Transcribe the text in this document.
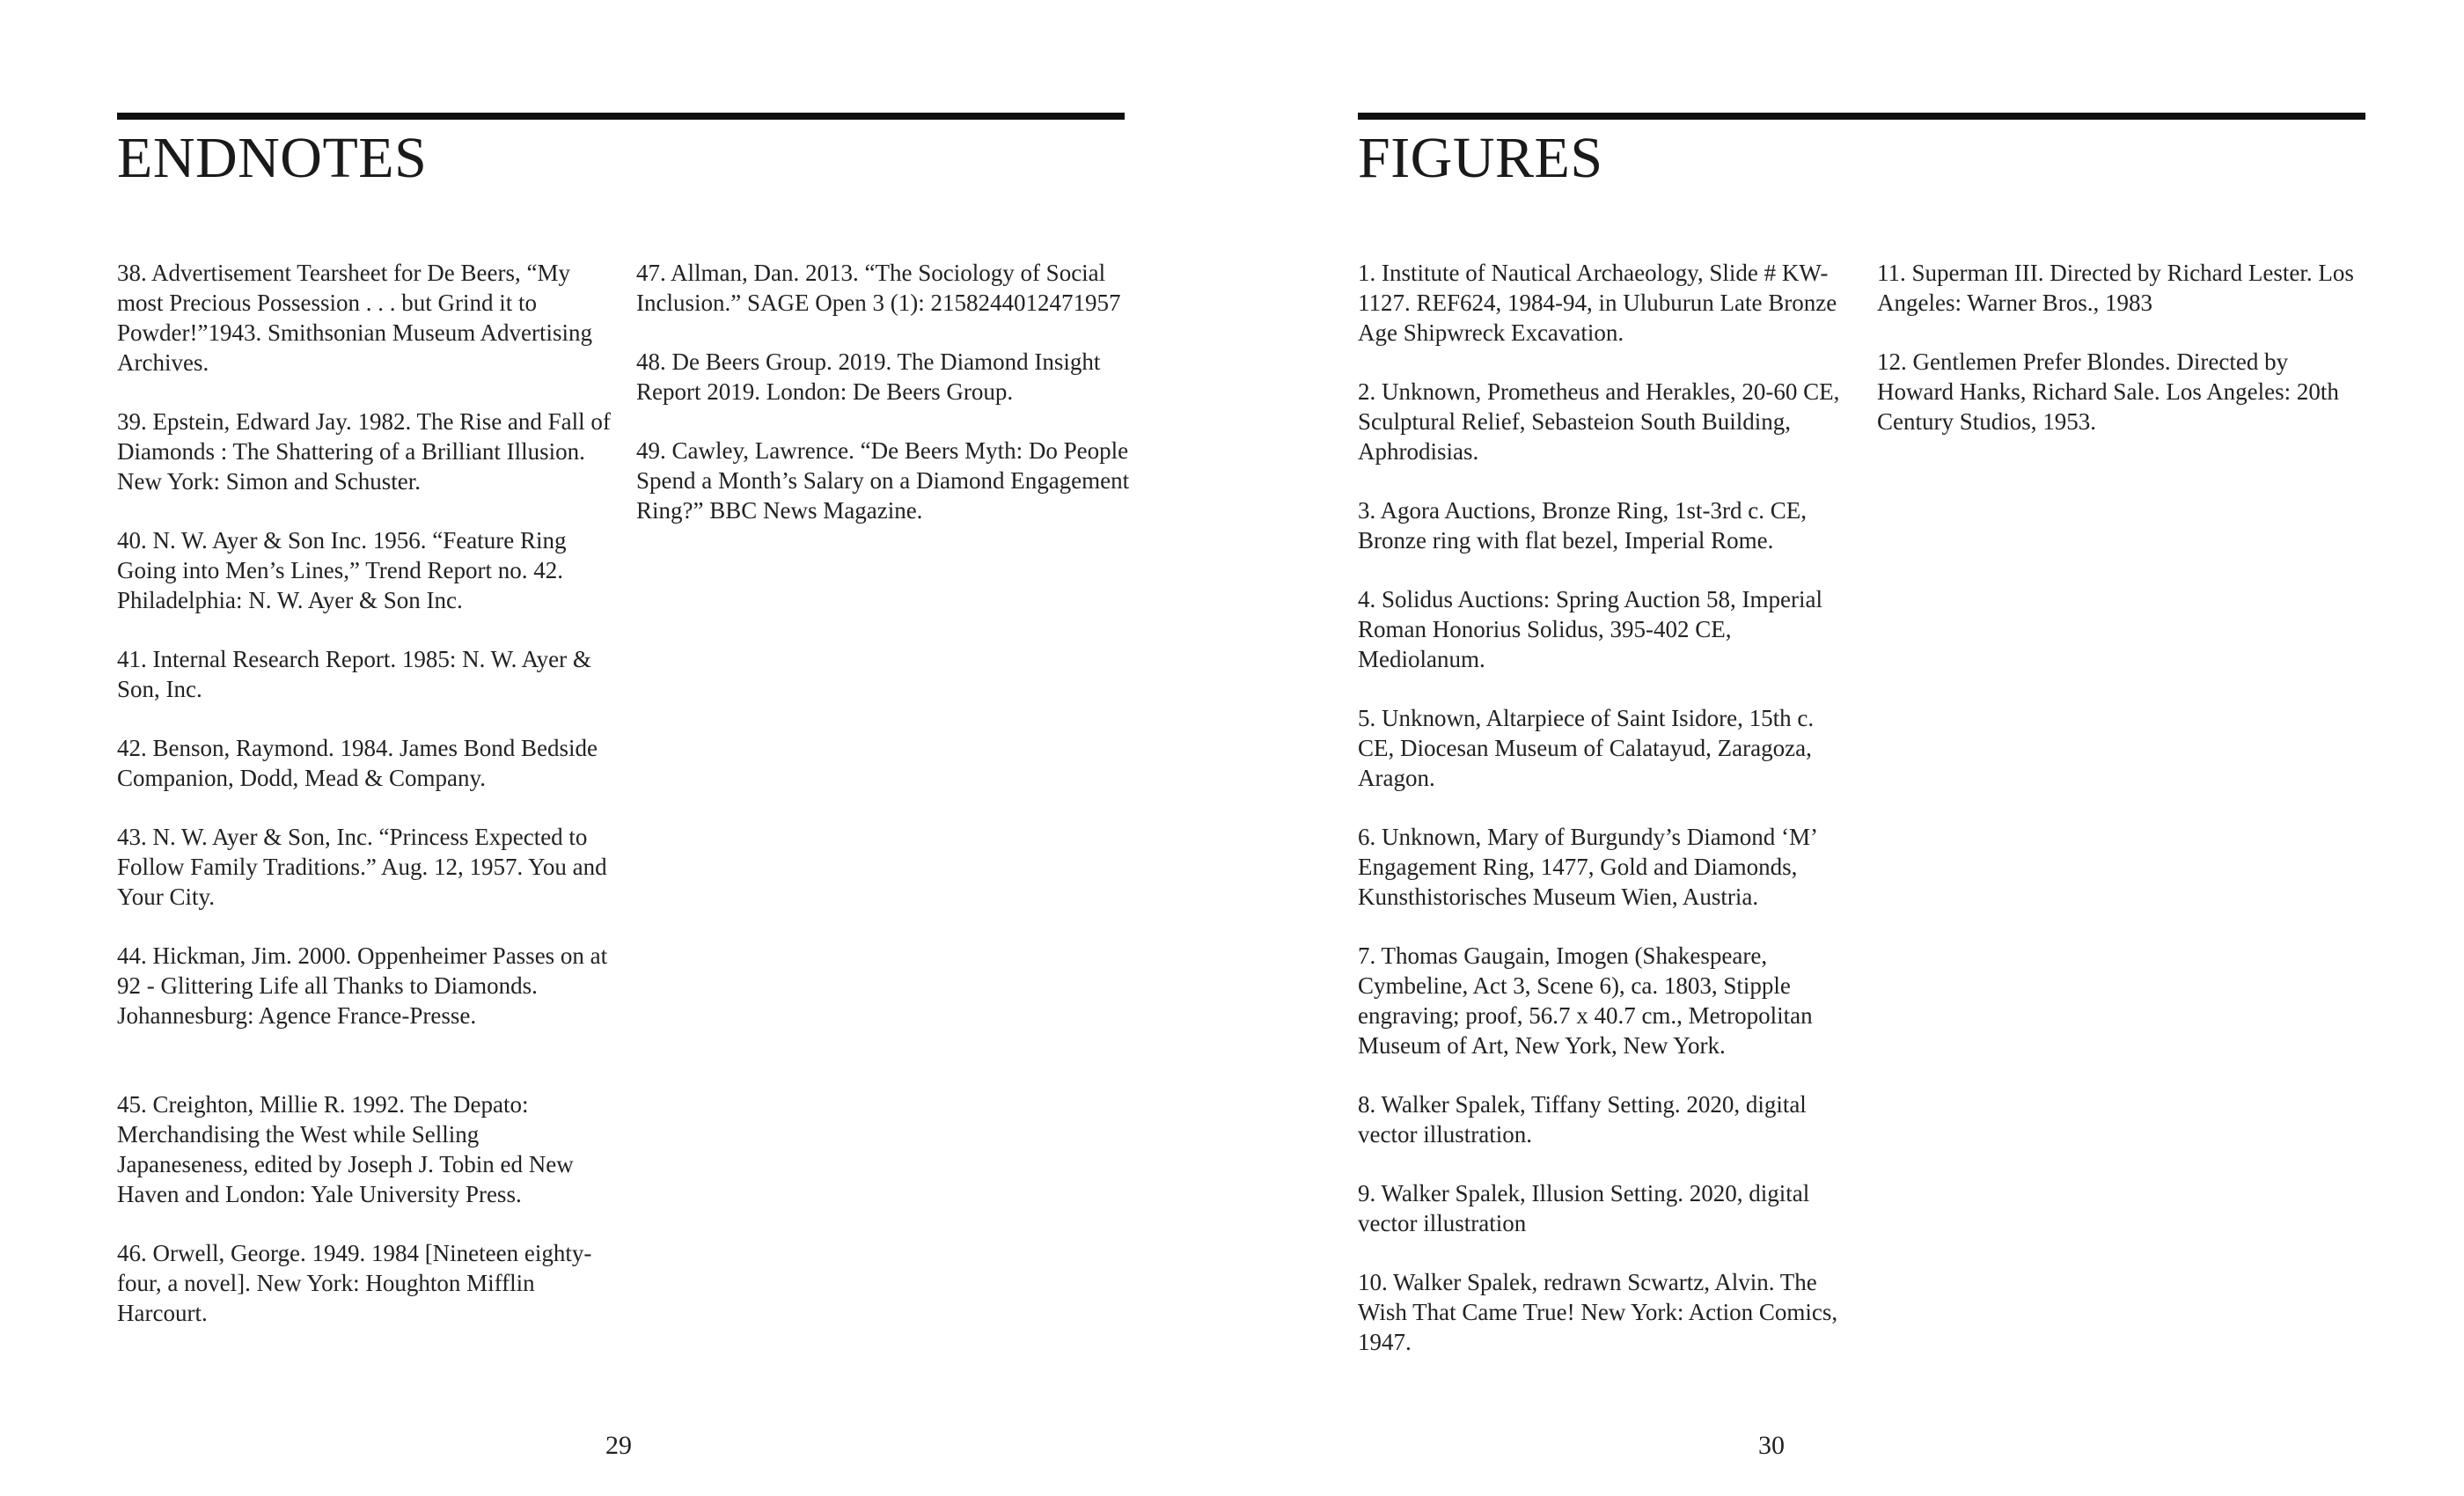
ENDNOTES

38. Advertisement Tearsheet for De Beers, “My most Precious Possession . . . but Grind it to Powder!”1943. Smithsonian Museum Advertising Archives.

39. Epstein, Edward Jay. 1982. The Rise and Fall of Diamonds : The Shattering of a Brilliant Illusion. New York: Simon and Schuster.

40. N. W. Ayer & Son Inc. 1956. “Feature Ring Going into Men’s Lines,” Trend Report no. 42. Philadelphia: N. W. Ayer & Son Inc.

41. Internal Research Report. 1985: N. W. Ayer & Son, Inc.

42. Benson, Raymond. 1984. James Bond Bedside Companion, Dodd, Mead & Company.

43. N. W. Ayer & Son, Inc. “Princess Expected to Follow Family Traditions.” Aug. 12, 1957. You and Your City.

44. Hickman, Jim. 2000. Oppenheimer Passes on at 92 - Glittering Life all Thanks to Diamonds. Johannesburg: Agence France-Presse.

45. Creighton, Millie R. 1992. The Depato: Merchandising the West while Selling Japaneseness, edited by Joseph J. Tobin ed New Haven and London: Yale University Press.

46. Orwell, George. 1949. 1984 [Nineteen eighty-four, a novel]. New York: Houghton Mifflin Harcourt.

47. Allman, Dan. 2013. “The Sociology of Social Inclusion.” SAGE Open 3 (1): 2158244012471957

48. De Beers Group. 2019. The Diamond Insight Report 2019. London: De Beers Group.

49. Cawley, Lawrence. “De Beers Myth: Do People Spend a Month’s Salary on a Diamond Engagement Ring?” BBC News Magazine.

29
FIGURES

1. Institute of Nautical Archaeology, Slide # KW-1127. REF624, 1984-94, in Uluburun Late Bronze Age Shipwreck Excavation.

2. Unknown, Prometheus and Herakles, 20-60 CE, Sculptural Relief, Sebasteion South Building, Aphrodisias.

3. Agora Auctions, Bronze Ring, 1st-3rd c. CE, Bronze ring with flat bezel, Imperial Rome.

4. Solidus Auctions: Spring Auction 58, Imperial Roman Honorius Solidus, 395-402 CE, Mediolanum.

5. Unknown, Altarpiece of Saint Isidore, 15th c. CE, Diocesan Museum of Calatayud, Zaragoza, Aragon.

6. Unknown, Mary of Burgundy’s Diamond ‘M’ Engagement Ring, 1477, Gold and Diamonds, Kunsthistorisches Museum Wien, Austria.

7. Thomas Gaugain, Imogen (Shakespeare, Cymbeline, Act 3, Scene 6), ca. 1803, Stipple engraving; proof, 56.7 x 40.7 cm., Metropolitan Museum of Art, New York, New York.

8. Walker Spalek, Tiffany Setting. 2020, digital vector illustration.

9. Walker Spalek, Illusion Setting. 2020, digital vector illustration

10. Walker Spalek, redrawn Scwartz, Alvin. The Wish That Came True! New York: Action Comics, 1947.

11. Superman III. Directed by Richard Lester. Los Angeles: Warner Bros., 1983

12. Gentlemen Prefer Blondes. Directed by Howard Hanks, Richard Sale. Los Angeles: 20th Century Studios, 1953.

30
